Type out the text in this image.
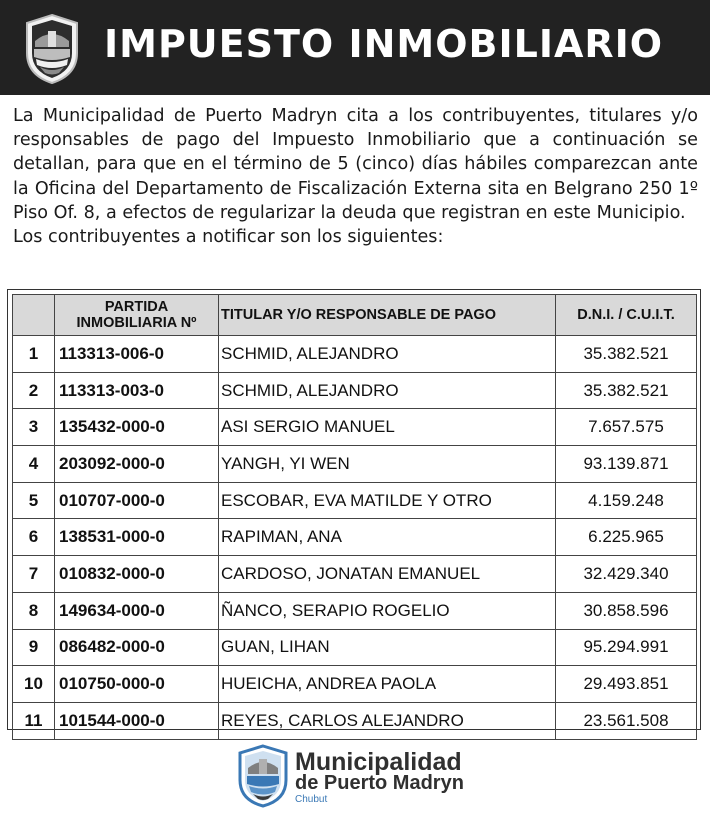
IMPUESTO INMOBILIARIO

La Municipalidad de Puerto Madryn cita a los contribuyentes, titulares y/o responsables de pago del Impuesto Inmobiliario que a continuación se detallan, para que en el término de 5 (cinco) días hábiles comparezcan ante la Oficina del Departamento de Fiscalización Externa sita en Belgrano 250 1º Piso Of. 8, a efectos de regularizar la deuda que registran en este Municipio.

Los contribuyentes a notificar son los siguientes:

	PARTIDA INMOBILIARIA Nº	TITULAR Y/O RESPONSABLE DE PAGO	D.N.I. / C.U.I.T.
1	113313-006-0	SCHMID, ALEJANDRO	35.382.521
2	113313-003-0	SCHMID, ALEJANDRO	35.382.521
3	135432-000-0	ASI SERGIO MANUEL	7.657.575
4	203092-000-0	YANGH, YI WEN	93.139.871
5	010707-000-0	ESCOBAR, EVA MATILDE Y OTRO	4.159.248
6	138531-000-0	RAPIMAN, ANA	6.225.965
7	010832-000-0	CARDOSO, JONATAN EMANUEL	32.429.340
8	149634-000-0	ÑANCO, SERAPIO ROGELIO	30.858.596
9	086482-000-0	GUAN, LIHAN	95.294.991
10	010750-000-0	HUEICHA, ANDREA PAOLA	29.493.851
11	101544-000-0	REYES, CARLOS ALEJANDRO	23.561.508
Municipalidad
de Puerto Madryn
Chubut
